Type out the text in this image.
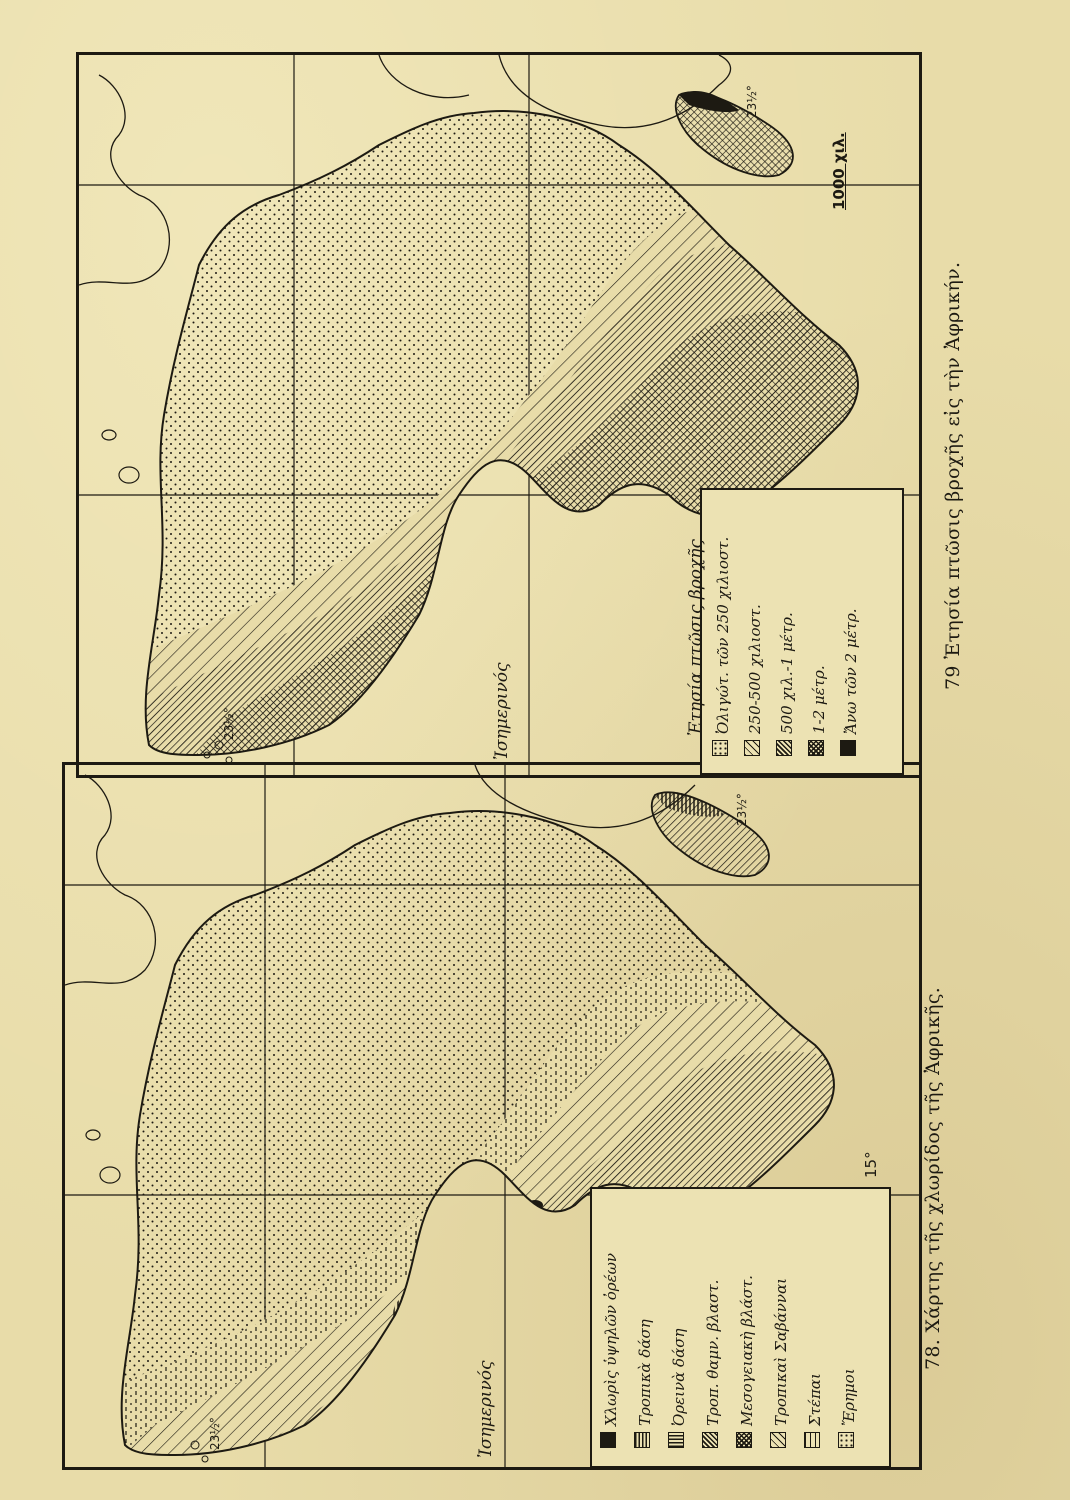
Ἐτησία πτῶσις βροχῆς Ὀλιγώτ. τῶν 250 χιλιοστ. 250-500 χιλιοστ. 500 χιλ.-1 μέτρ. 1-2 μέτρ. Ἄνω τῶν 2 μέτρ.
Ἰσημερινός
23½°
23½°
1000 χιλ.
79 Ἐτησία πτῶσις βροχῆς εἰς τὴν Ἀφρικήν.
Χλωρὶς ὑψηλῶν ὀρέων Τροπικὰ δάση Ὀρεινὰ δάση Τροπ. θαμν. βλαστ. Μεσογειακὴ βλάστ. Τροπικαὶ Σαβάνναι Στέπαι Ἔρημοι
Ἰσημερινός
23½°
23½°
15° 78. Χάρτης τῆς χλωρίδος τῆς Ἀφρικῆς.
